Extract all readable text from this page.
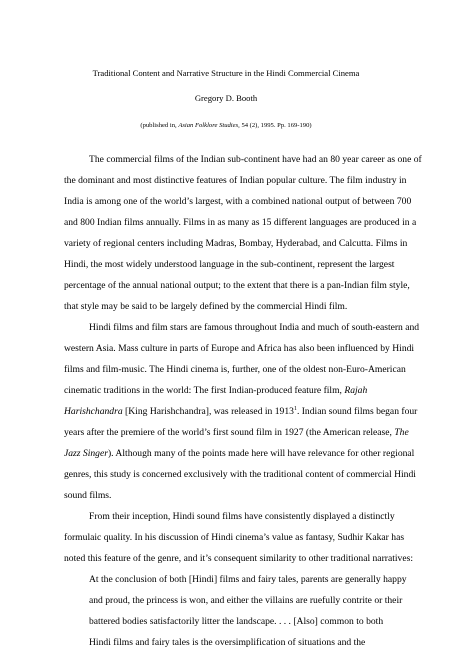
Traditional Content and Narrative Structure in the Hindi Commercial Cinema
Gregory D. Booth
(published in, Asian Folklore Studies, 54 (2), 1995. Pp. 169-190)
The commercial films of the Indian sub-continent have had an 80 year career as one of
the dominant and most distinctive features of Indian popular culture. The film industry in
India is among one of the world’s largest, with a combined national output of between 700
and 800 Indian films annually. Films in as many as 15 different languages are produced in a
variety of regional centers including Madras, Bombay, Hyderabad, and Calcutta. Films in
Hindi, the most widely understood language in the sub-continent, represent the largest
percentage of the annual national output; to the extent that there is a pan-Indian film style,
that style may be said to be largely defined by the commercial Hindi film.
Hindi films and film stars are famous throughout India and much of south-eastern and
western Asia. Mass culture in parts of Europe and Africa has also been influenced by Hindi
films and film-music. The Hindi cinema is, further, one of the oldest non-Euro-American
cinematic traditions in the world: The first Indian-produced feature film, Rajah
Harishchandra [King Harishchandra], was released in 1913$^1$. Indian sound films began four
years after the premiere of the world’s first sound film in 1927 (the American release, The
Jazz Singer). Although many of the points made here will have relevance for other regional
genres, this study is concerned exclusively with the traditional content of commercial Hindi
sound films.
From their inception, Hindi sound films have consistently displayed a distinctly
formulaic quality. In his discussion of Hindi cinema’s value as fantasy, Sudhir Kakar has
noted this feature of the genre, and it’s consequent similarity to other traditional narratives:
At the conclusion of both [Hindi] films and fairy tales, parents are generally happy
and proud, the princess is won, and either the villains are ruefully contrite or their
battered bodies satisfactorily litter the landscape. . . . [Also] common to both
Hindi films and fairy tales is the oversimplification of situations and the
